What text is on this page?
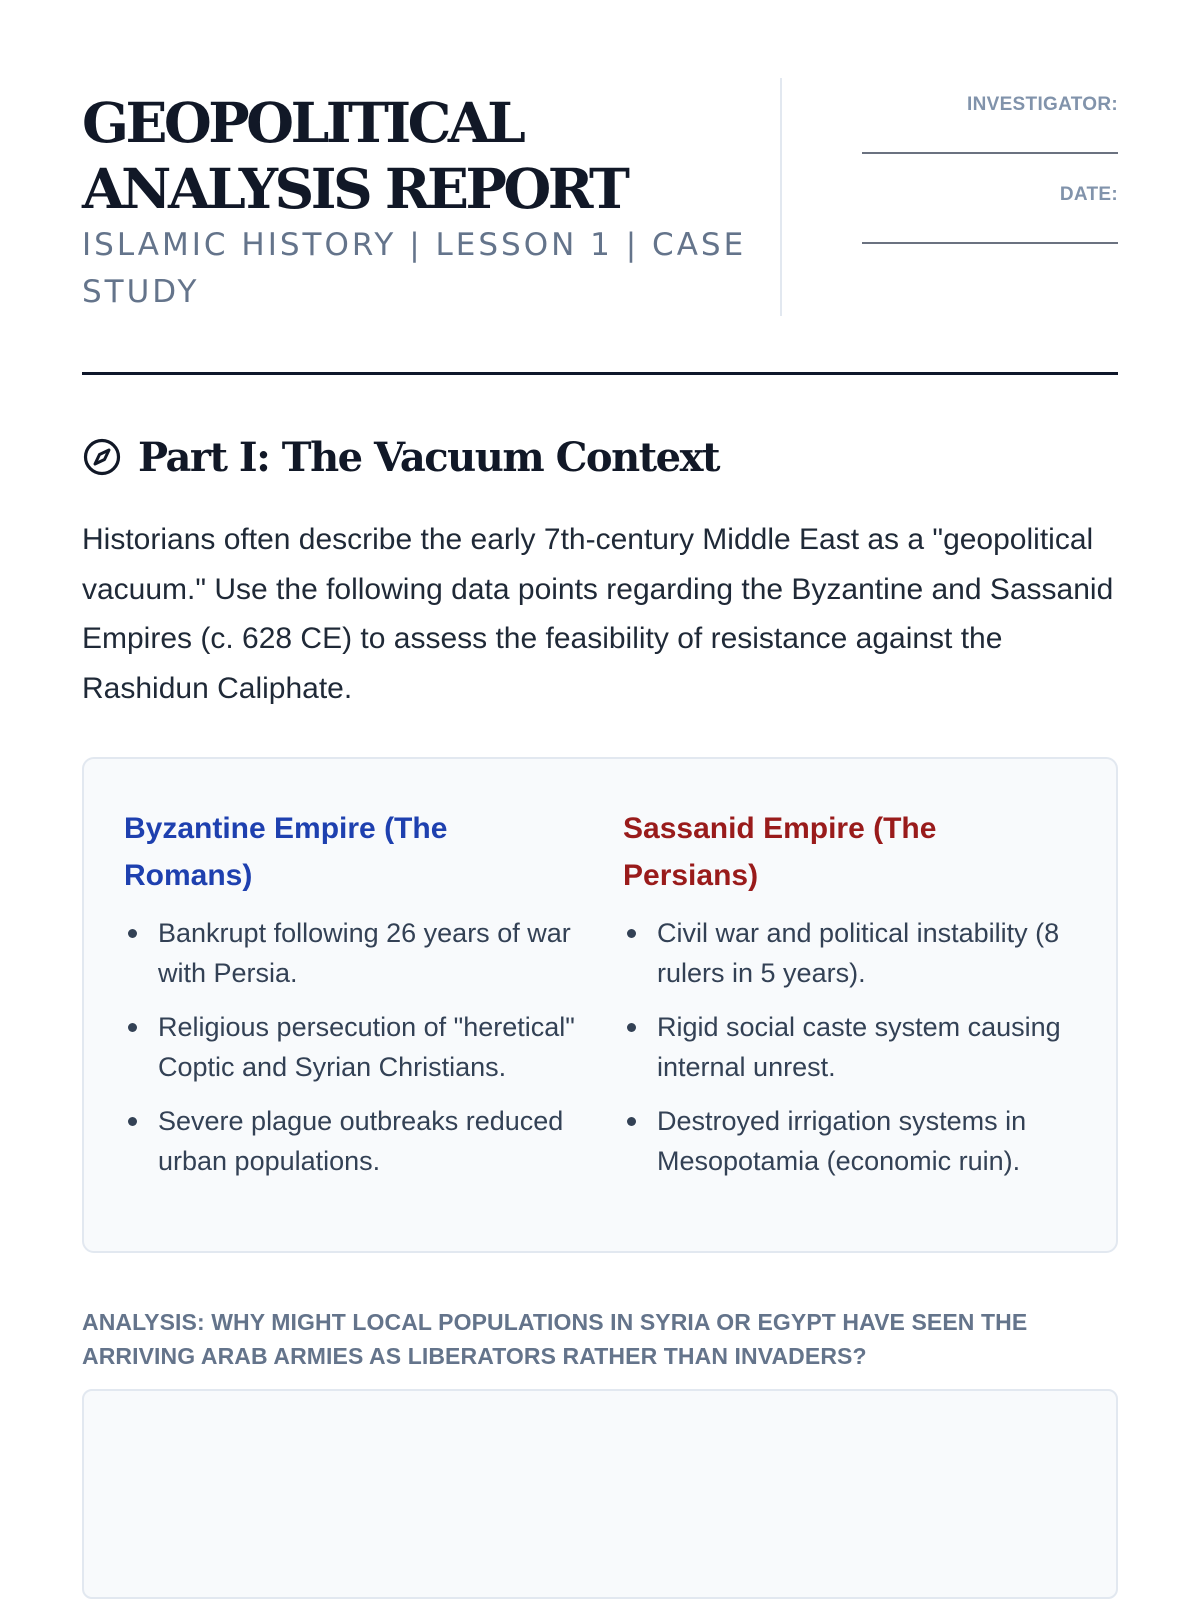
GEOPOLITICAL ANALYSIS REPORT
ISLAMIC HISTORY | LESSON 1 | CASE STUDY
INVESTIGATOR:
DATE:
Part I: The Vacuum Context

Historians often describe the early 7th-century Middle East as a "geopolitical vacuum." Use the following data points regarding the Byzantine and Sassanid Empires (c. 628 CE) to assess the feasibility of resistance against the Rashidun Caliphate.

Byzantine Empire (The Romans)
Bankrupt following 26 years of war with Persia.
Religious persecution of "heretical" Coptic and Syrian Christians.
Severe plague outbreaks reduced urban populations.
Sassanid Empire (The Persians)
Civil war and political instability (8 rulers in 5 years).
Rigid social caste system causing internal unrest.
Destroyed irrigation systems in Mesopotamia (economic ruin).
ANALYSIS: WHY MIGHT LOCAL POPULATIONS IN SYRIA OR EGYPT HAVE SEEN THE ARRIVING ARAB ARMIES AS LIBERATORS RATHER THAN INVADERS?
